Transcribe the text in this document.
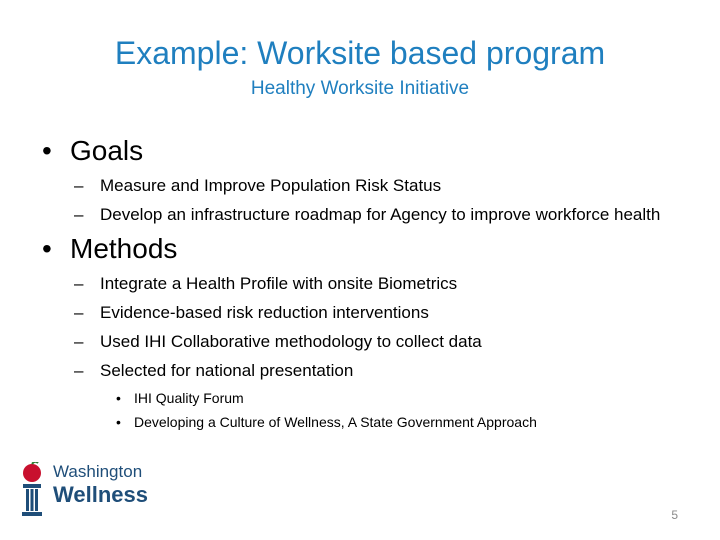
Example: Worksite based program
Healthy Worksite Initiative
• Goals
– Measure and Improve Population Risk Status
– Develop an infrastructure roadmap for Agency to improve workforce health
• Methods
– Integrate a Health Profile with onsite Biometrics
– Evidence-based risk reduction interventions
– Used IHI Collaborative methodology to collect data
– Selected for national presentation
• IHI Quality Forum
• Developing a Culture of Wellness, A State Government Approach
Washington
Wellness
5
